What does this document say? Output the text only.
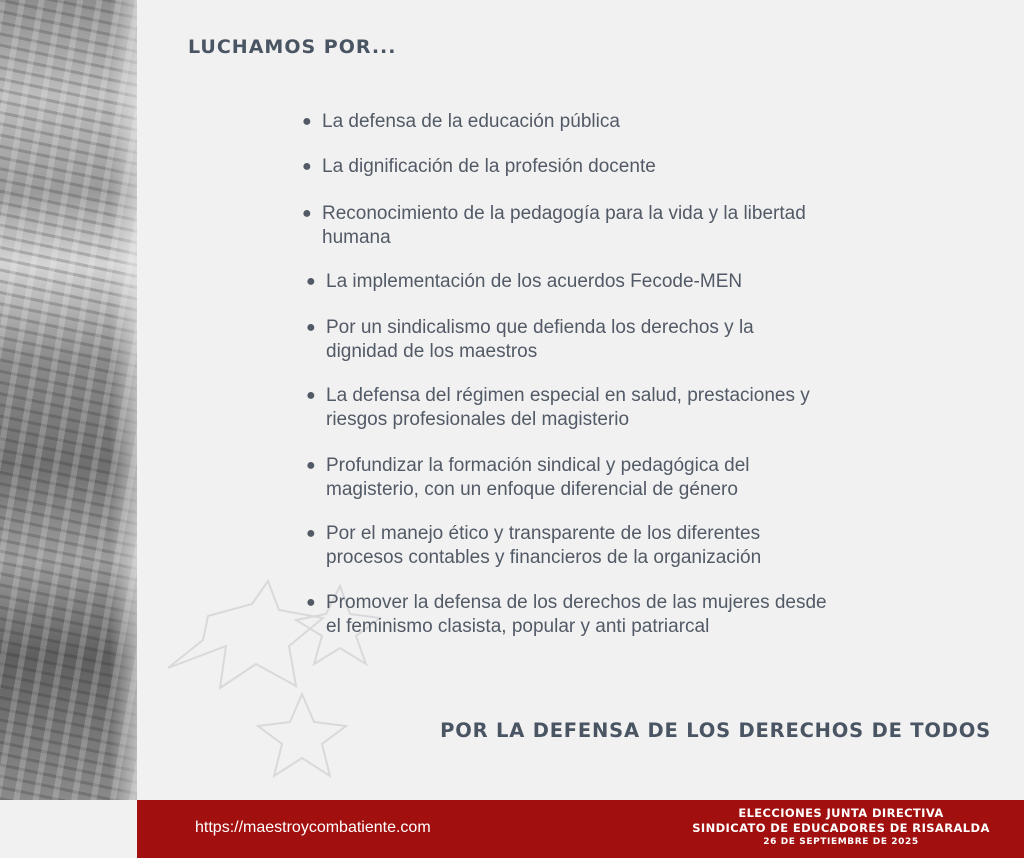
LUCHAMOS POR...
● La defensa de la educación pública
● La dignificación de la profesión docente
● Reconocimiento de la pedagogía para la vida y la libertad
humana
● La implementación de los acuerdos Fecode-MEN
● Por un sindicalismo que defienda los derechos y la
dignidad de los maestros
● La defensa del régimen especial en salud, prestaciones y
riesgos profesionales del magisterio
● Profundizar la formación sindical y pedagógica del
magisterio, con un enfoque diferencial de género
● Por el manejo ético y transparente de los diferentes
procesos contables y financieros de la organización
● Promover la defensa de los derechos de las mujeres desde
el feminismo clasista, popular y anti patriarcal
POR LA DEFENSA DE LOS DERECHOS DE TODOS
https://maestroycombatiente.com
ELECCIONES JUNTA DIRECTIVA
SINDICATO DE EDUCADORES DE RISARALDA
26 DE SEPTIEMBRE DE 2025
